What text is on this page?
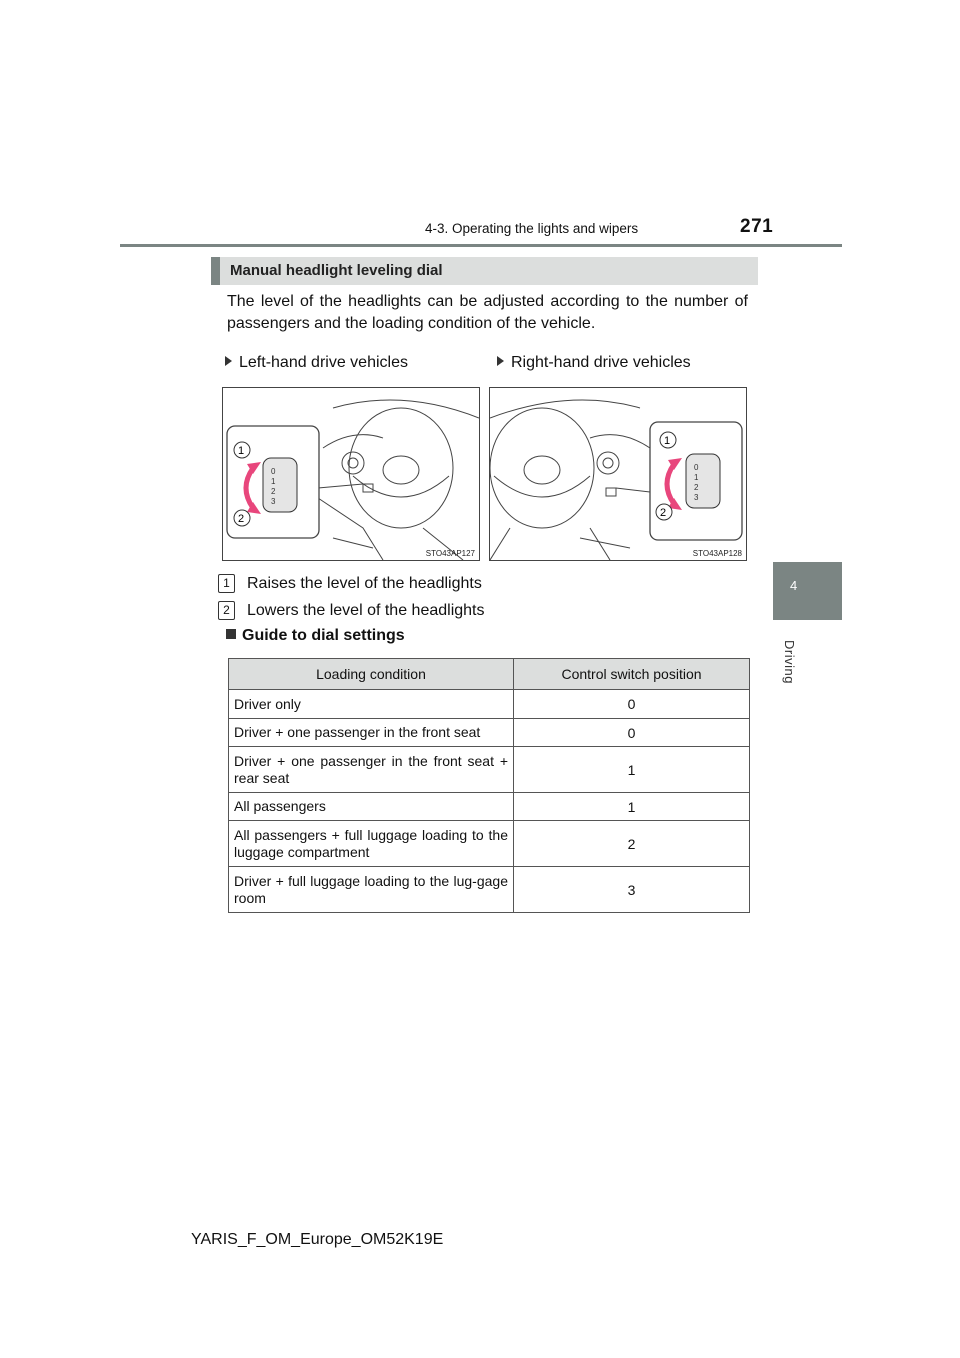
4-3. Operating the lights and wipers	271
4
Driving
Manual headlight leveling dial
The level of the headlights can be adjusted according to the number of passengers and the loading condition of the vehicle.
Left-hand drive vehicles	Right-hand drive vehicles
0
1
2
3
1
2
STO43AP127
0
1
2
3
1
2
STO43AP128
1 Raises the level of the headlights
2 Lowers the level of the headlights
Guide to dial settings
Loading condition	Control switch position
Driver only	0
Driver + one passenger in the front seat	0
Driver + one passenger in the front seat + rear seat	1
All passengers	1
All passengers + full luggage loading to the luggage compartment	2
Driver + full luggage loading to the lug-gage room	3
YARIS_F_OM_Europe_OM52K19E
